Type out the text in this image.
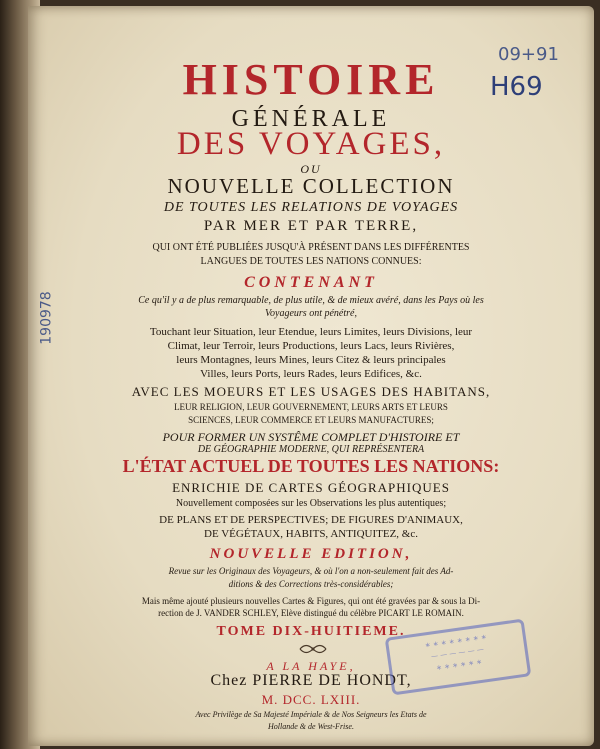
HISTOIRE
GÉNÉRALE
DES VOYAGES,
OU
NOUVELLE COLLECTION
DE TOUTES LES RELATIONS DE VOYAGES
PAR MER ET PAR TERRE,
QUI ONT ÉTÉ PUBLIÉES JUSQU'À PRÉSENT DANS LES DIFFÉRENTES
LANGUES DE TOUTES LES NATIONS CONNUES:
CONTENANT
Ce qu'il y a de plus remarquable, de plus utile, & de mieux avéré, dans les Pays où les
Voyageurs ont pénétré,
Touchant leur Situation, leur Etendue, leurs Limites, leurs Divisions, leur
Climat, leur Terroir, leurs Productions, leurs Lacs, leurs Rivières,
leurs Montagnes, leurs Mines, leurs Citez & leurs principales
Villes, leurs Ports, leurs Rades, leurs Edifices, &c.
AVEC LES MOEURS ET LES USAGES DES HABITANS,
LEUR RELIGION, LEUR GOUVERNEMENT, LEURS ARTS ET LEURS
SCIENCES, LEUR COMMERCE ET LEURS MANUFACTURES;
POUR FORMER UN SYSTÊME COMPLET D'HISTOIRE ET
DE GÉOGRAPHIE MODERNE, QUI REPRÉSENTERA
L'ÉTAT ACTUEL DE TOUTES LES NATIONS:
ENRICHIE DE CARTES GÉOGRAPHIQUES
Nouvellement composées sur les Observations les plus autentiques;
DE PLANS ET DE PERSPECTIVES; DE FIGURES D'ANIMAUX,
DE VÉGÉTAUX, HABITS, ANTIQUITEZ, &c.
NOUVELLE EDITION,
Revue sur les Originaux des Voyageurs, & où l'on a non-seulement fait des Ad-
ditions & des Corrections très-considérables;
Mais même ajouté plusieurs nouvelles Cartes & Figures, qui ont été gravées par & sous la Di-
rection de J. VANDER SCHLEY, Elève distingué du célèbre PICART LE ROMAIN.
TOME DIX-HUITIEME.
A LA HAYE,
Chez PIERRE DE HONDT,
M. DCC. LXIII.
Avec Privilège de Sa Majesté Impériale & de Nos Seigneurs les Etats de
Hollande & de West-Frise.
09+91
H69
190978
∗ ∗ ∗ ∗ ∗ ∗ ∗ ∗
— — — — — —
∗ ∗ ∗ ∗ ∗ ∗
